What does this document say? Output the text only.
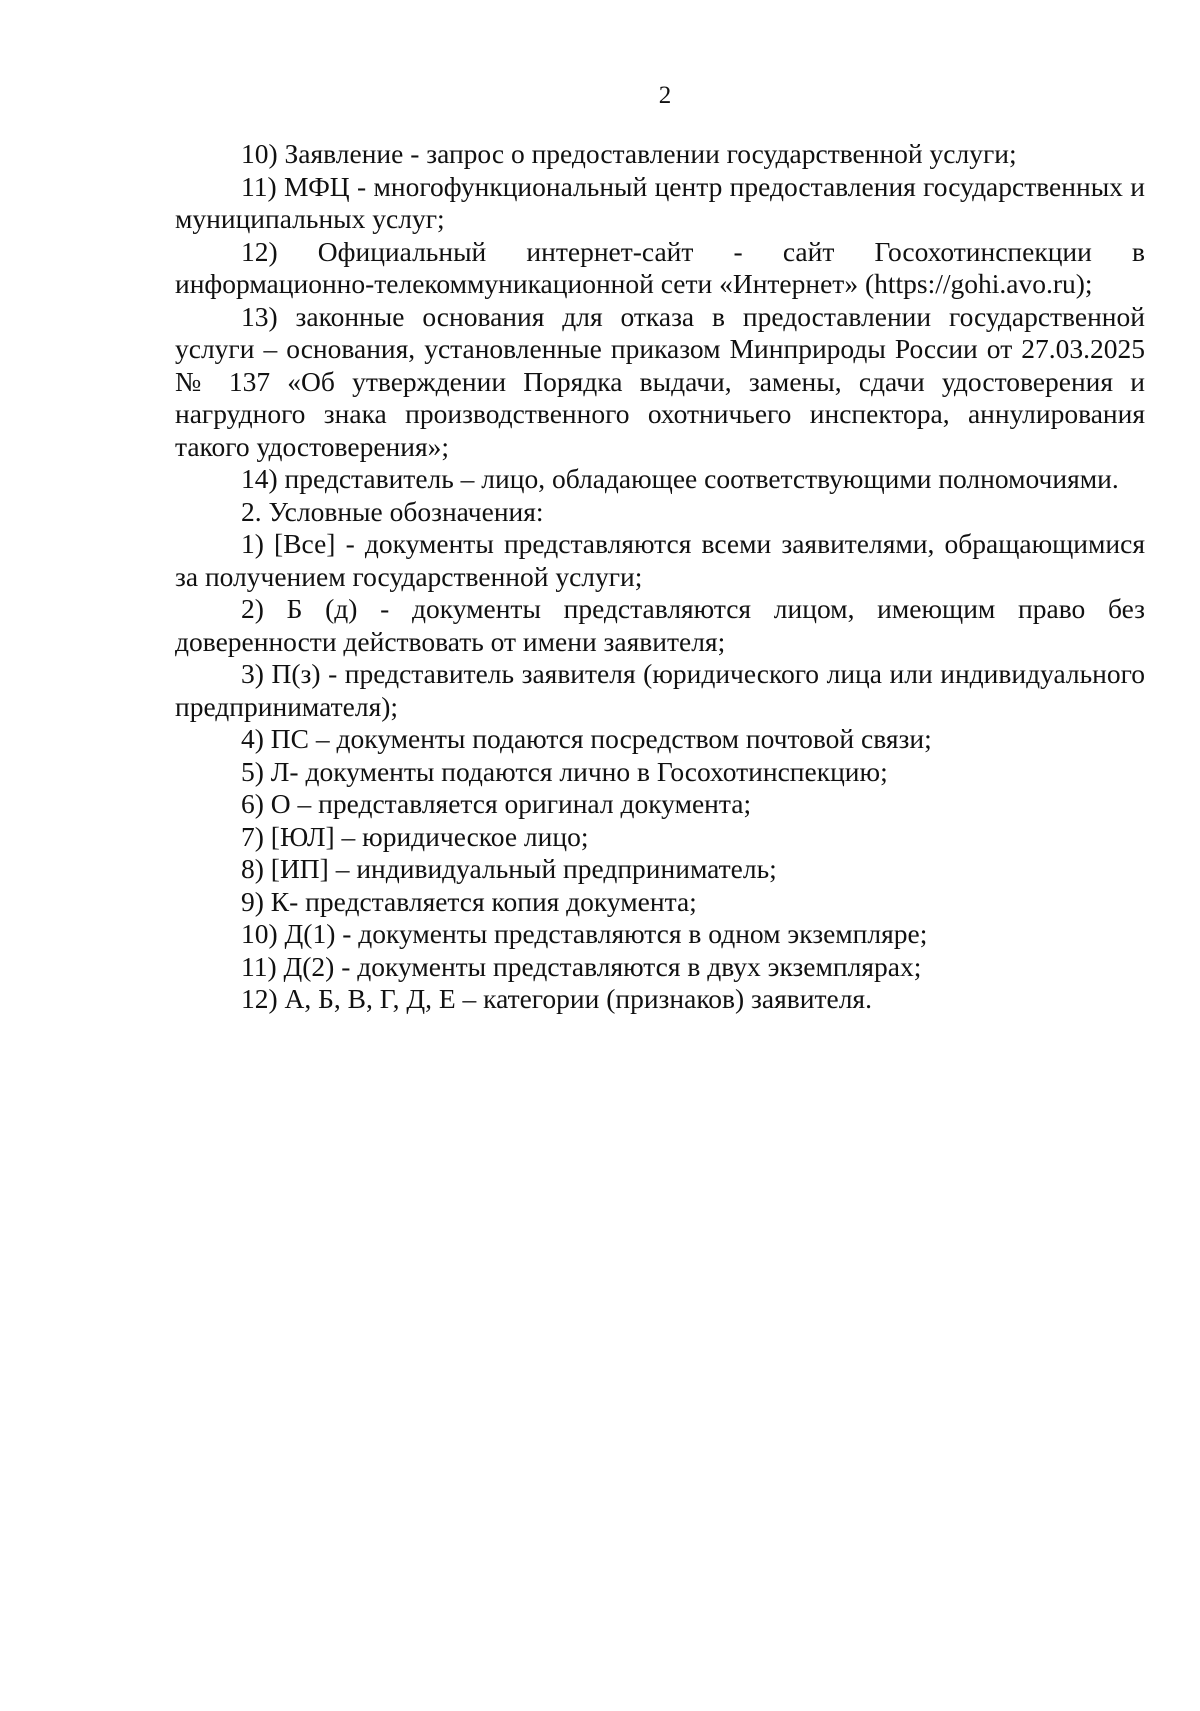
2

10) Заявление - запрос о предоставлении государственной услуги;

11) МФЦ - многофункциональный центр предоставления государственных и муниципальных услуг;

12) Официальный интернет-сайт - сайт Госохотинспекции в информационно-телекоммуникационной сети «Интернет» (https://gohi.avo.ru);

13) законные основания для отказа в предоставлении государственной услуги – основания, установленные приказом Минприроды России от 27.03.2025 № 137 «Об утверждении Порядка выдачи, замены, сдачи удостоверения и нагрудного знака производственного охотничьего инспектора, аннулирования такого удостоверения»;

14) представитель – лицо, обладающее соответствующими полномочиями.

2. Условные обозначения:

1) [Все] - документы представляются всеми заявителями, обращающимися за получением государственной услуги;

2) Б (д) - документы представляются лицом, имеющим право без доверенности действовать от имени заявителя;

3) П(з) - представитель заявителя (юридического лица или индивидуального предпринимателя);

4) ПС – документы подаются посредством почтовой связи;

5) Л- документы подаются лично в Госохотинспекцию;

6) О – представляется оригинал документа;

7) [ЮЛ] – юридическое лицо;

8) [ИП] – индивидуальный предприниматель;

9) К- представляется копия документа;

10) Д(1) - документы представляются в одном экземпляре;

11) Д(2) - документы представляются в двух экземплярах;

12) А, Б, В, Г, Д, Е – категории (признаков) заявителя.
